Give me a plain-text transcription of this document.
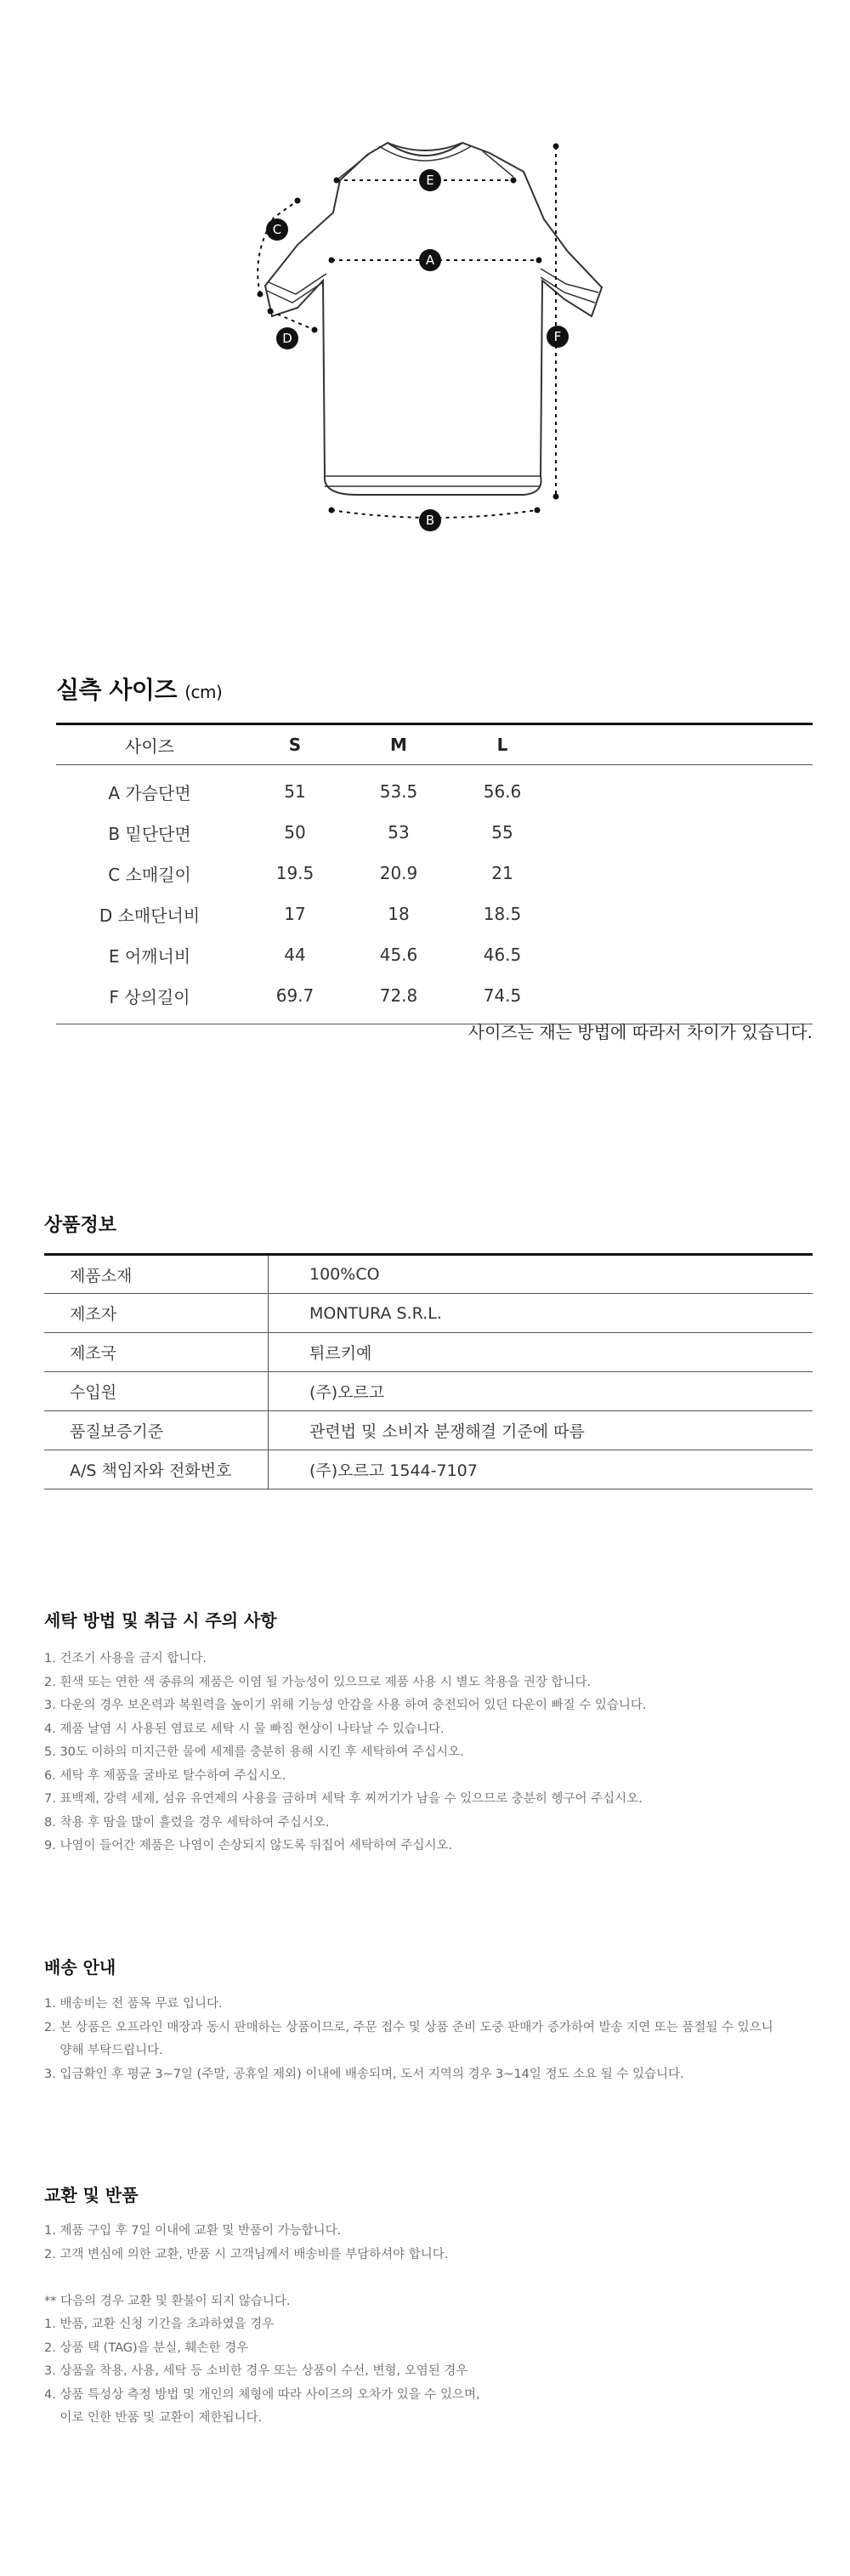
A
B
C
D
E
F
실측 사이즈 (cm)
사이즈	S	M	L	
A 가슴단면	51	53.5	56.6	
B 밑단단면	50	53	55	
C 소매길이	19.5	20.9	21	
D 소매단너비	17	18	18.5	
E 어깨너비	44	45.6	46.5	
F 상의길이	69.7	72.8	74.5	
사이즈는 재는 방법에 따라서 차이가 있습니다.
상품정보
제품소재	100%CO
제조자	MONTURA S.R.L.
제조국	튀르키예
수입원	(주)오르고
품질보증기준	관련법 및 소비자 분쟁해결 기준에 따름
A/S 책임자와 전화번호	(주)오르고 1544-7107
세탁 방법 및 취급 시 주의 사항
1. 건조기 사용을 금지 합니다.
2. 흰색 또는 연한 색 종류의 제품은 이염 될 가능성이 있으므로 제품 사용 시 별도 착용을 권장 합니다.
3. 다운의 경우 보온력과 복원력을 높이기 위해 기능성 안감을 사용 하여 충전되어 있던 다운이 빠질 수 있습니다.
4. 제품 날염 시 사용된 염료로 세탁 시 물 빠짐 현상이 나타날 수 있습니다.
5. 30도 이하의 미지근한 물에 세제를 충분히 용해 시킨 후 세탁하여 주십시오.
6. 세탁 후 제품을 굴바로 탈수하여 주십시오.
7. 표백제, 강력 세제, 섬유 유연제의 사용을 금하며 세탁 후 찌꺼기가 남을 수 있으므로 충분히 헹구어 주십시오.
8. 착용 후 땀을 많이 흘렸을 경우 세탁하여 주십시오.
9. 나염이 들어간 제품은 나염이 손상되지 않도록 뒤집어 세탁하여 주십시오.
배송 안내
1. 배송비는 전 품목 무료 입니다.
2. 본 상품은 오프라인 매장과 동시 판매하는 상품이므로, 주문 접수 및 상품 준비 도중 판매가 증가하여 발송 지연 또는 품절될 수 있으니
양해 부탁드립니다.
3. 입금확인 후 평균 3~7일 (주말, 공휴일 제외) 이내에 배송되며, 도서 지역의 경우 3~14일 정도 소요 될 수 있습니다.
교환 및 반품
1. 제품 구입 후 7일 이내에 교환 및 반품이 가능합니다.
2. 고객 변심에 의한 교환, 반품 시 고객님께서 배송비를 부담하셔야 합니다.

** 다음의 경우 교환 및 환불이 되지 않습니다.
1. 반품, 교환 신청 기간을 초과하였을 경우
2. 상품 택 (TAG)을 분실, 훼손한 경우
3. 상품을 착용, 사용, 세탁 등 소비한 경우 또는 상품이 수선, 변형, 오염된 경우
4. 상품 특성상 측정 방법 및 개인의 체형에 따라 사이즈의 오차가 있을 수 있으며,
이로 인한 반품 및 교환이 제한됩니다.
